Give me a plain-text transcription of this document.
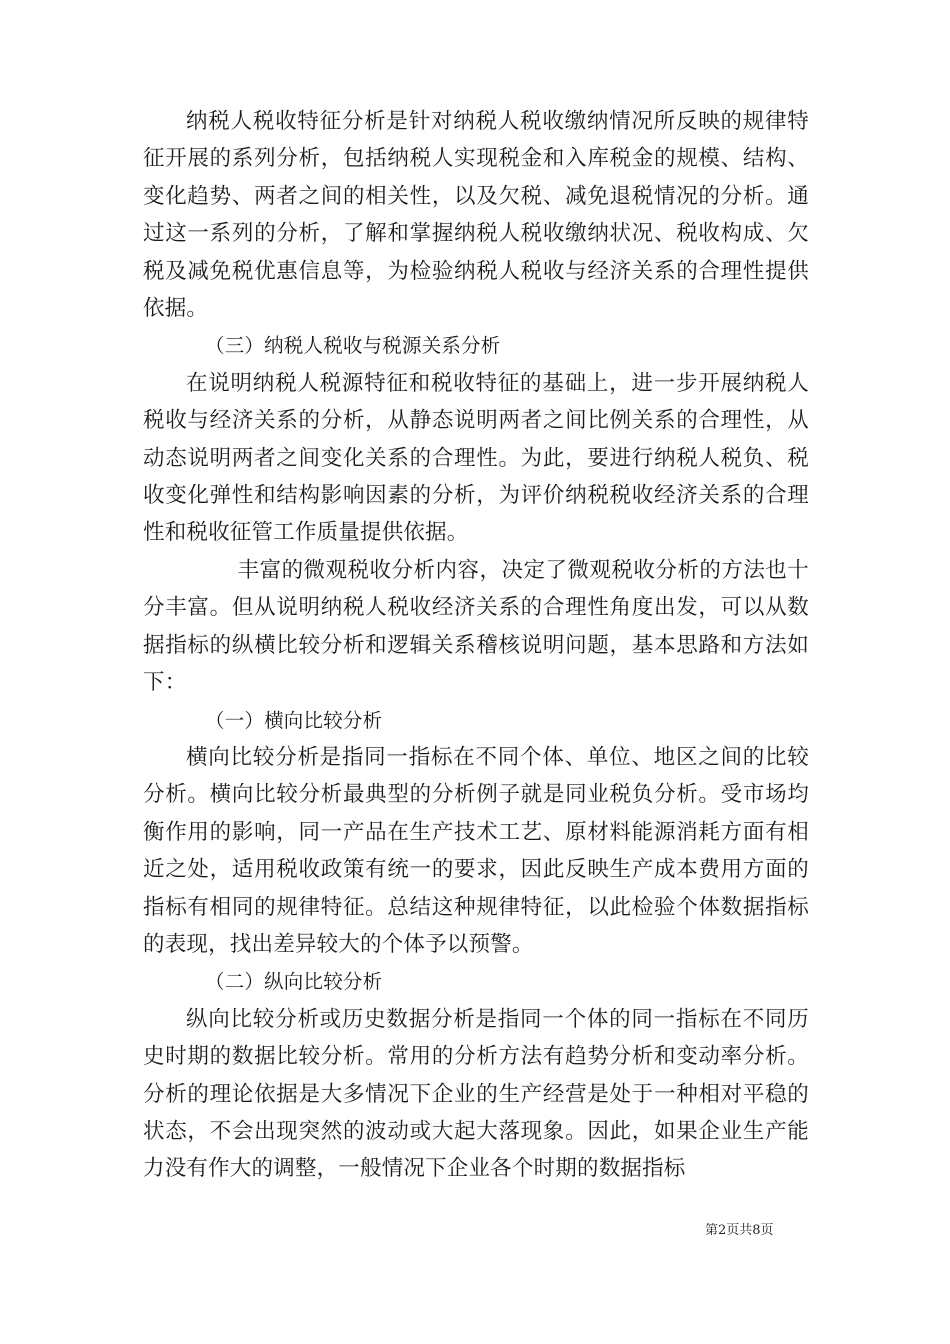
纳税人税收特征分析是针对纳税人税收缴纳情况所反映的规律特征开展的系列分析，包括纳税人实现税金和入库税金的规模、结构、变化趋势、两者之间的相关性，以及欠税、减免退税情况的分析。通过这一系列的分析，了解和掌握纳税人税收缴纳状况、税收构成、欠税及减免税优惠信息等，为检验纳税人税收与经济关系的合理性提供依据。

（三）纳税人税收与税源关系分析

在说明纳税人税源特征和税收特征的基础上，进一步开展纳税人税收与经济关系的分析，从静态说明两者之间比例关系的合理性，从动态说明两者之间变化关系的合理性。为此，要进行纳税人税负、税收变化弹性和结构影响因素的分析，为评价纳税税收经济关系的合理性和税收征管工作质量提供依据。

丰富的微观税收分析内容，决定了微观税收分析的方法也十分丰富。但从说明纳税人税收经济关系的合理性角度出发，可以从数据指标的纵横比较分析和逻辑关系稽核说明问题，基本思路和方法如下：

（一）横向比较分析

横向比较分析是指同一指标在不同个体、单位、地区之间的比较分析。横向比较分析最典型的分析例子就是同业税负分析。受市场均衡作用的影响，同一产品在生产技术工艺、原材料能源消耗方面有相近之处，适用税收政策有统一的要求，因此反映生产成本费用方面的指标有相同的规律特征。总结这种规律特征，以此检验个体数据指标的表现，找出差异较大的个体予以预警。

（二）纵向比较分析

纵向比较分析或历史数据分析是指同一个体的同一指标在不同历史时期的数据比较分析。常用的分析方法有趋势分析和变动率分析。分析的理论依据是大多情况下企业的生产经营是处于一种相对平稳的状态，不会出现突然的波动或大起大落现象。因此，如果企业生产能力没有作大的调整，一般情况下企业各个时期的数据指标

第2页共8页
